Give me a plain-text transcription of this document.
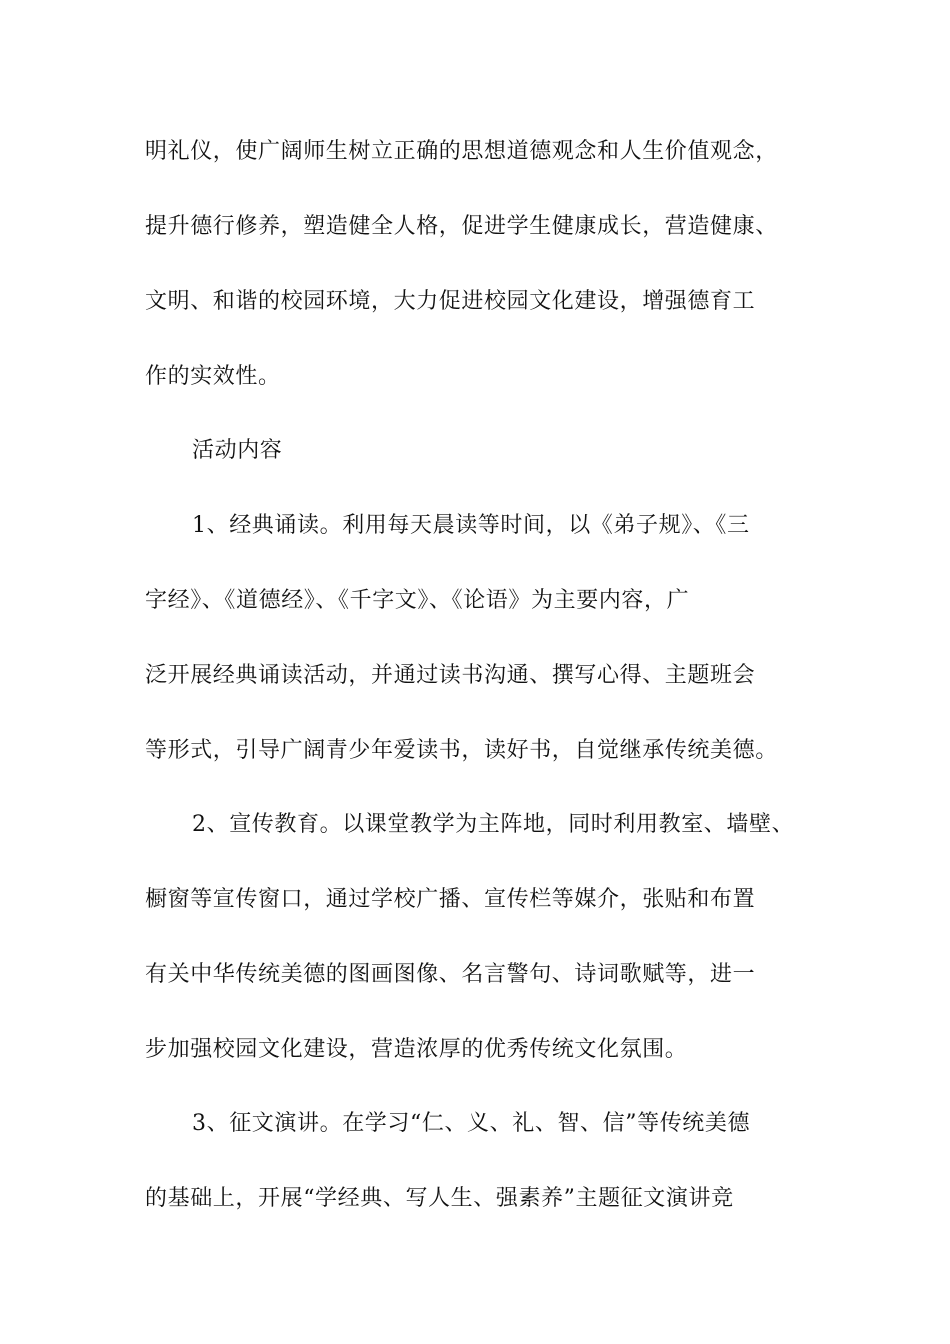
明礼仪，使广阔师生树立正确的思想道德观念和人生价值观念，
提升德行修养，塑造健全人格，促进学生健康成长，营造健康、
文明、和谐的校园环境，大力促进校园文化建设，增强德育工
作的实效性。
活动内容
1、经典诵读。利用每天晨读等时间，以《弟子规》、《三
字经》、《道德经》、《千字文》、《论语》为主要内容，广
泛开展经典诵读活动，并通过读书沟通、撰写心得、主题班会
等形式，引导广阔青少年爱读书，读好书，自觉继承传统美德。
2、宣传教育。以课堂教学为主阵地，同时利用教室、墙壁、
橱窗等宣传窗口，通过学校广播、宣传栏等媒介，张贴和布置
有关中华传统美德的图画图像、名言警句、诗词歌赋等，进一
步加强校园文化建设，营造浓厚的优秀传统文化氛围。
3、征文演讲。在学习“仁、义、礼、智、信”等传统美德
的基础上，开展“学经典、写人生、强素养”主题征文演讲竞
